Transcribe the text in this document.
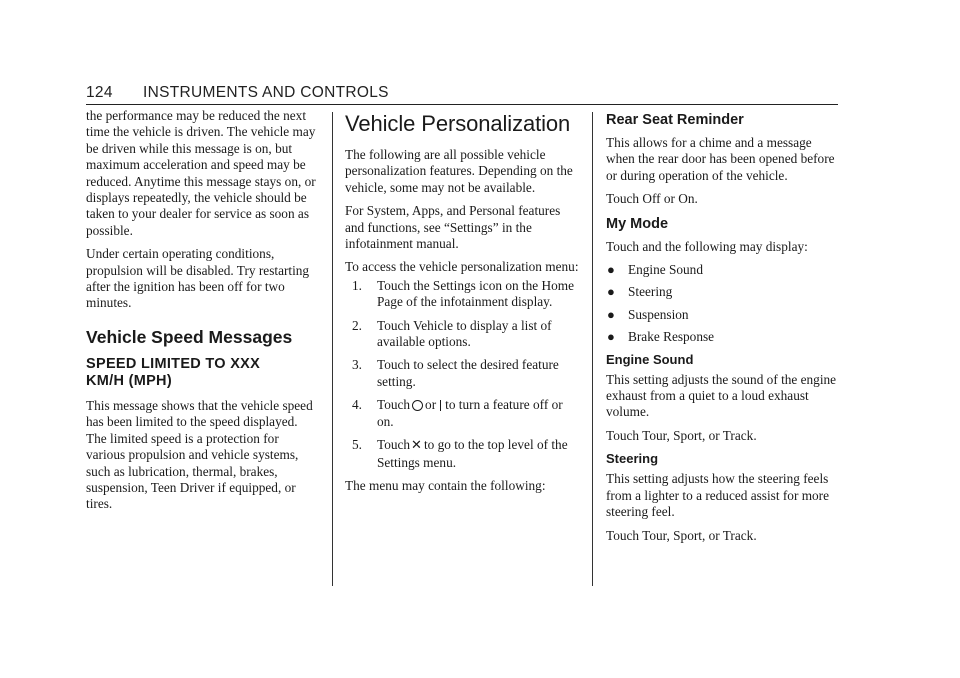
124 INSTRUMENTS AND CONTROLS

the performance may be reduced the next time the vehicle is driven. The vehicle may be driven while this message is on, but maximum acceleration and speed may be reduced. Anytime this message stays on, or displays repeatedly, the vehicle should be taken to your dealer for service as soon as possible.

Under certain operating conditions, propulsion will be disabled. Try restarting after the ignition has been off for two minutes.

Vehicle Speed Messages
SPEED LIMITED TO XXX
KM/H (MPH)

This message shows that the vehicle speed has been limited to the speed displayed. The limited speed is a protection for various propulsion and vehicle systems, such as lubrication, thermal, brakes, suspension, Teen Driver if equipped, or tires.

Vehicle Personalization

The following are all possible vehicle personalization features. Depending on the vehicle, some may not be available.

For System, Apps, and Personal features and functions, see “Settings” in the infotainment manual.

To access the vehicle personalization menu:

1. Touch the Settings icon on the Home Page of the infotainment display.
2. Touch Vehicle to display a list of available options.
3. Touch to select the desired feature setting.
4. Touch or to turn a feature off or on.
5. Touch✕ to go to the top level of the Settings menu.

The menu may contain the following:

Rear Seat Reminder

This allows for a chime and a message when the rear door has been opened before or during operation of the vehicle.

Touch Off or On.

My Mode

Touch and the following may display:

● Engine Sound
● Steering
● Suspension
● Brake Response
Engine Sound

This setting adjusts the sound of the engine exhaust from a quiet to a loud exhaust volume.

Touch Tour, Sport, or Track.

Steering

This setting adjusts how the steering feels from a lighter to a reduced assist for more steering feel.

Touch Tour, Sport, or Track.
